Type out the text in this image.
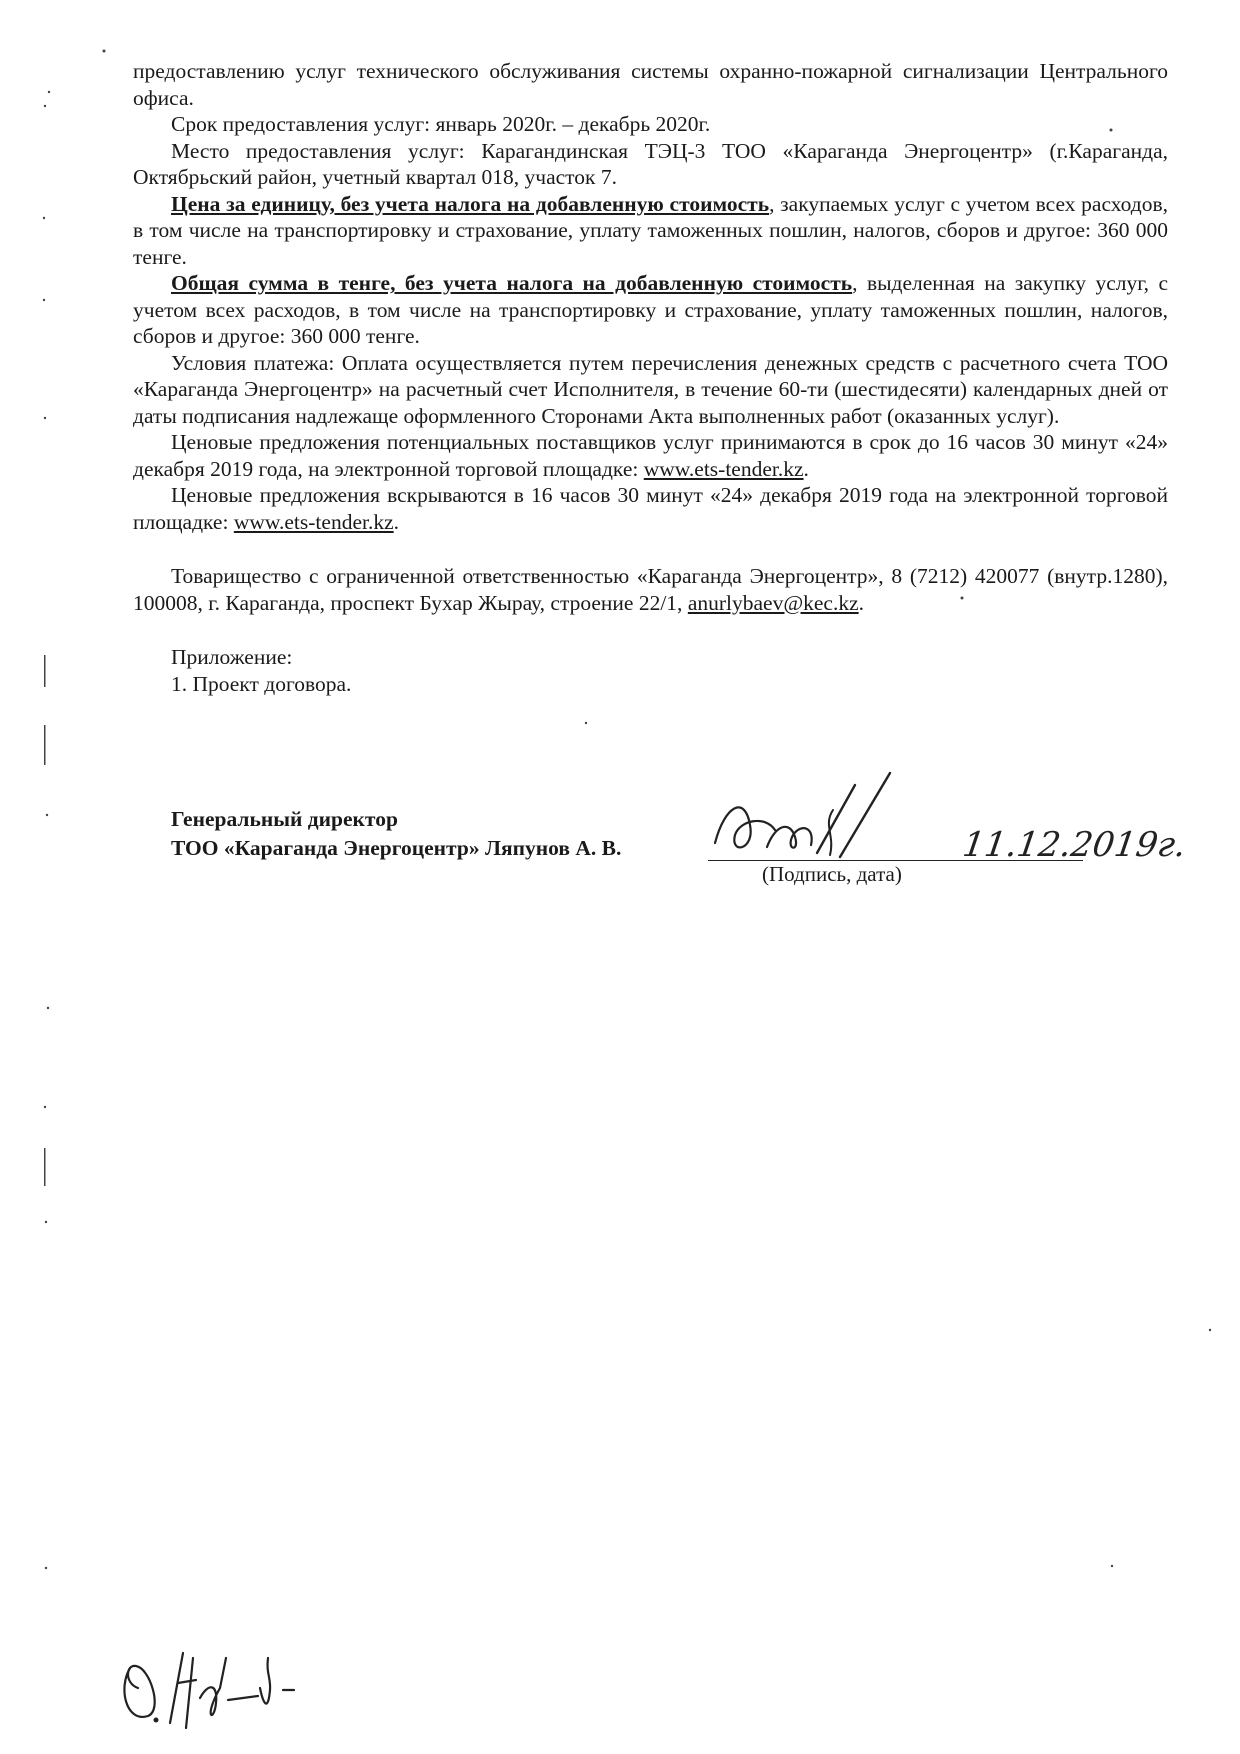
предоставлению услуг технического обслуживания системы охранно-пожарной сигнализации Центрального офиса.

Срок предоставления услуг: январь 2020г. – декабрь 2020г.

Место предоставления услуг: Карагандинская ТЭЦ-3 ТОО «Караганда Энергоцентр» (г.Караганда, Октябрьский район, учетный квартал 018, участок 7.

Цена за единицу, без учета налога на добавленную стоимость, закупаемых услуг с учетом всех расходов, в том числе на транспортировку и страхование, уплату таможенных пошлин, налогов, сборов и другое: 360 000 тенге.

Общая сумма в тенге, без учета налога на добавленную стоимость, выделенная на закупку услуг, с учетом всех расходов, в том числе на транспортировку и страхование, уплату таможенных пошлин, налогов, сборов и другое: 360 000 тенге.

Условия платежа: Оплата осуществляется путем перечисления денежных средств с расчетного счета ТОО «Караганда Энергоцентр» на расчетный счет Исполнителя, в течение 60-ти (шестидесяти) календарных дней от даты подписания надлежаще оформленного Сторонами Акта выполненных работ (оказанных услуг).

Ценовые предложения потенциальных поставщиков услуг принимаются в срок до 16 часов 30 минут «24» декабря 2019 года, на электронной торговой площадке: www.ets-tender.kz.

Ценовые предложения вскрываются в 16 часов 30 минут «24» декабря 2019 года на электронной торговой площадке: www.ets-tender.kz.

Товарищество с ограниченной ответственностью «Караганда Энергоцентр», 8 (7212) 420077 (внутр.1280), 100008, г. Караганда, проспект Бухар Жырау, строение 22/1, anurlybaev@kec.kz.

Приложение:

1. Проект договора.

Генеральный директор
ТОО «Караганда Энергоцентр» Ляпунов А. В.	11.12.2019г.
(Подпись, дата)
